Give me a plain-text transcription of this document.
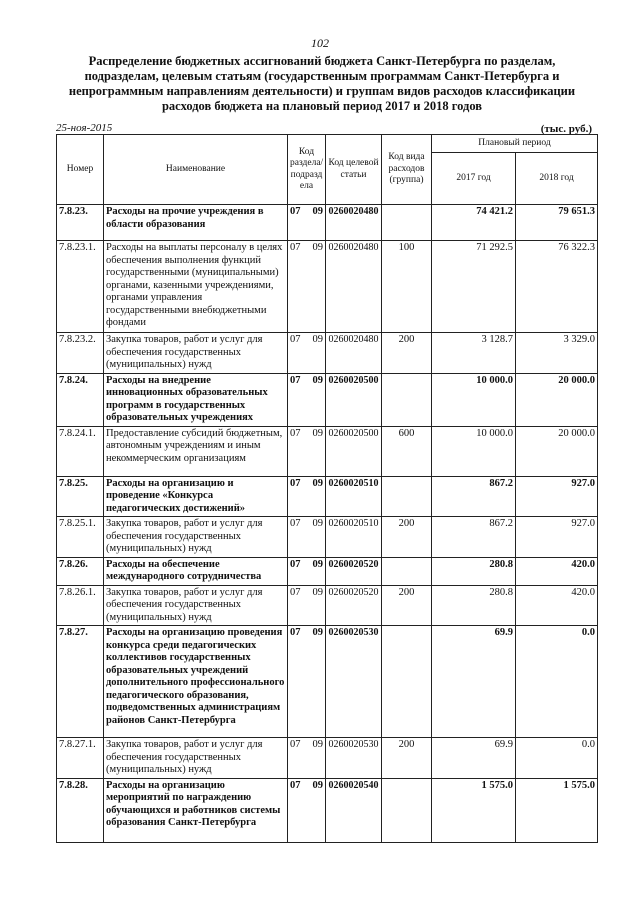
102
Распределение бюджетных ассигнований бюджета Санкт-Петербурга по разделам, подразделам, целевым статьям (государственным программам Санкт-Петербурга и непрограммным направлениям деятельности) и группам видов расходов классификации расходов бюджета на плановый период 2017 и 2018 годов
25-ноя-2015	(тыс. руб.)
Номер	Наименование	Код раздела/ подразд ела	Код целевой статьи	Код вида расходов (группа)	Плановый период	
					2017 год	2018 год
7.8.23.	Расходы на прочие учреждения в области образования	07 09	0260020480		74 421.2	79 651.3
7.8.23.1.	Расходы на выплаты персоналу в целях обеспечения выполнения функций государственными (муниципальными) органами, казенными учреждениями, органами управления государственными внебюджетными фондами	07 09	0260020480	100	71 292.5	76 322.3
7.8.23.2.	Закупка товаров, работ и услуг для обеспечения государственных (муниципальных) нужд	07 09	0260020480	200	3 128.7	3 329.0
7.8.24.	Расходы на внедрение инновационных образовательных программ в государственных образовательных учреждениях	07 09	0260020500		10 000.0	20 000.0
7.8.24.1.	Предоставление субсидий бюджетным, автономным учреждениям и иным некоммерческим организациям	07 09	0260020500	600	10 000.0	20 000.0
7.8.25.	Расходы на организацию и проведение «Конкурса педагогических достижений»	07 09	0260020510		867.2	927.0
7.8.25.1.	Закупка товаров, работ и услуг для обеспечения государственных (муниципальных) нужд	07 09	0260020510	200	867.2	927.0
7.8.26.	Расходы на обеспечение международного сотрудничества	07 09	0260020520		280.8	420.0
7.8.26.1.	Закупка товаров, работ и услуг для обеспечения государственных (муниципальных) нужд	07 09	0260020520	200	280.8	420.0
7.8.27.	Расходы на организацию проведения конкурса среди педагогических коллективов государственных образовательных учреждений дополнительного профессионального педагогического образования, подведомственных администрациям районов Санкт-Петербурга	07 09	0260020530		69.9	0.0
7.8.27.1.	Закупка товаров, работ и услуг для обеспечения государственных (муниципальных) нужд	07 09	0260020530	200	69.9	0.0
7.8.28.	Расходы на организацию мероприятий по награждению обучающихся и работников системы образования Санкт-Петербурга	07 09	0260020540		1 575.0	1 575.0
